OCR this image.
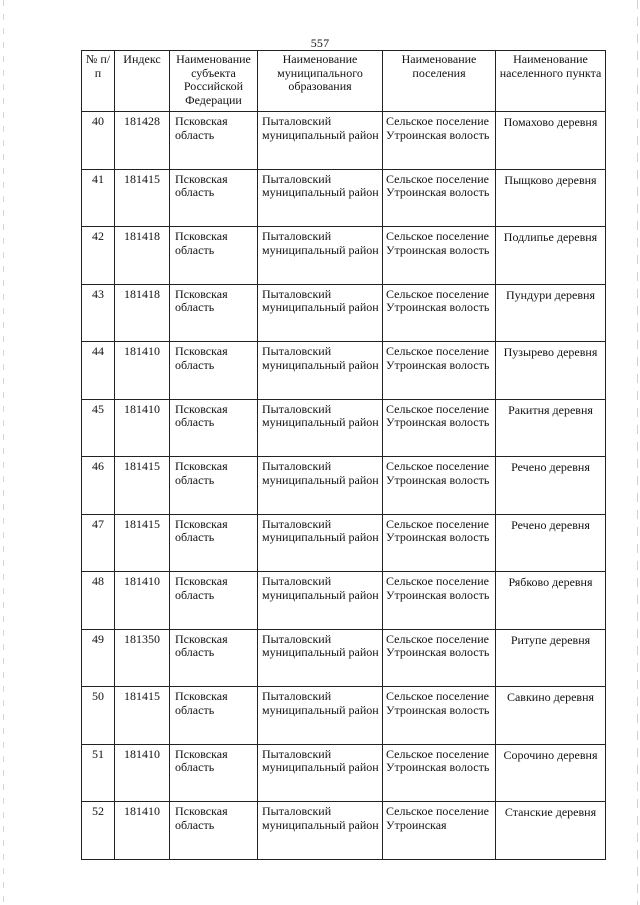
557
№ п/п	Индекс	Наименование субъекта Российской Федерации	Наименование муниципального образования	Наименование поселения	Наименование населенного пункта
40	181428	Псковская область	Пыталовский муниципальный район	Сельское поселение Утроинская волость	Помахово деревня
41	181415	Псковская область	Пыталовский муниципальный район	Сельское поселение Утроинская волость	Пыщково деревня
42	181418	Псковская область	Пыталовский муниципальный район	Сельское поселение Утроинская волость	Подлипье деревня
43	181418	Псковская область	Пыталовский муниципальный район	Сельское поселение Утроинская волость	Пундури деревня
44	181410	Псковская область	Пыталовский муниципальный район	Сельское поселение Утроинская волость	Пузырево деревня
45	181410	Псковская область	Пыталовский муниципальный район	Сельское поселение Утроинская волость	Ракитня деревня
46	181415	Псковская область	Пыталовский муниципальный район	Сельское поселение Утроинская волость	Речено деревня
47	181415	Псковская область	Пыталовский муниципальный район	Сельское поселение Утроинская волость	Речено деревня
48	181410	Псковская область	Пыталовский муниципальный район	Сельское поселение Утроинская волость	Рябково деревня
49	181350	Псковская область	Пыталовский муниципальный район	Сельское поселение Утроинская волость	Ритупе деревня
50	181415	Псковская область	Пыталовский муниципальный район	Сельское поселение Утроинская волость	Савкино деревня
51	181410	Псковская область	Пыталовский муниципальный район	Сельское поселение Утроинская волость	Сорочино деревня
52	181410	Псковская область	Пыталовский муниципальный район	Сельское поселение Утроинская	Станские деревня
